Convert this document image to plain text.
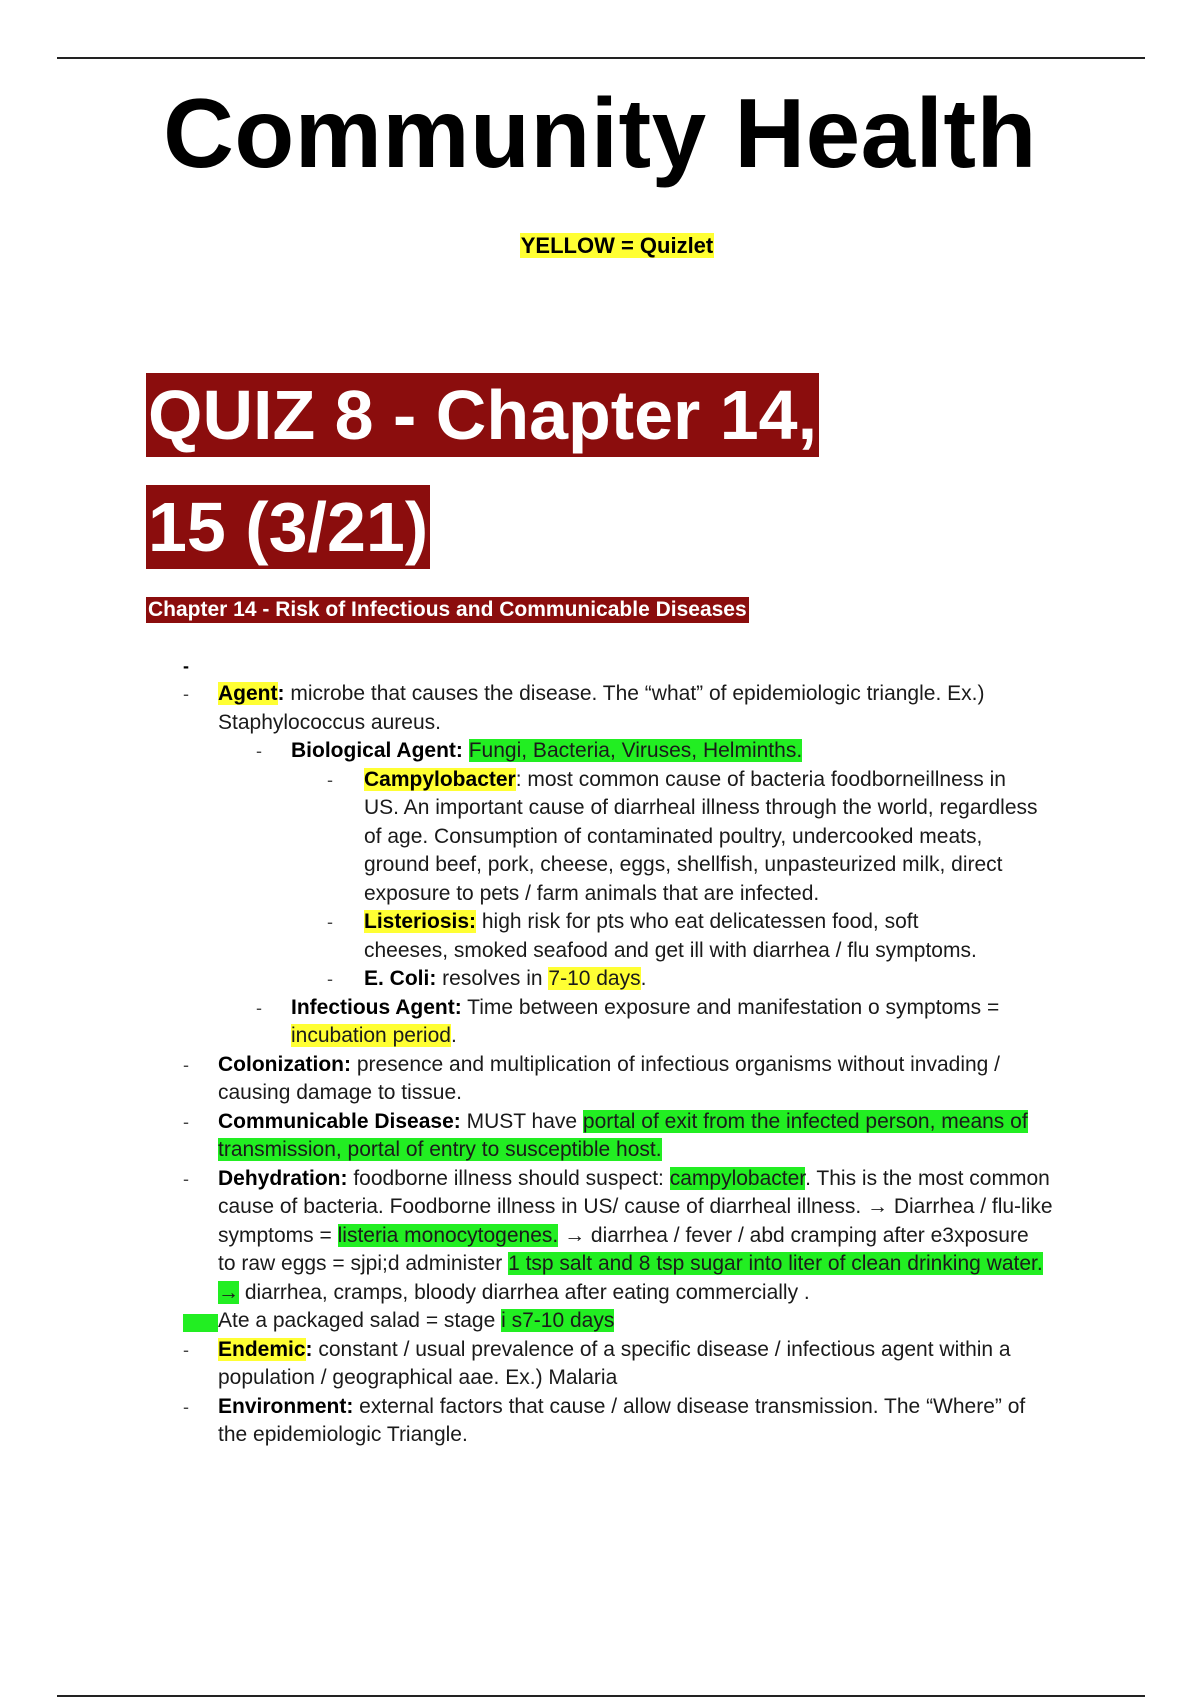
Community Health
YELLOW = Quizlet
QUIZ 8 - Chapter 14,
15 (3/21)
Chapter 14 - Risk of Infectious and Communicable Diseases
-
- Agent: microbe that causes the disease. The “what” of epidemiologic triangle. Ex.)
Staphylococcus aureus.
- Biological Agent: Fungi, Bacteria, Viruses, Helminths.
- Campylobacter: most common cause of bacteria foodborneillness in
US. An important cause of diarrheal illness through the world, regardless
of age. Consumption of contaminated poultry, undercooked meats,
ground beef, pork, cheese, eggs, shellfish, unpasteurized milk, direct
exposure to pets / farm animals that are infected.
- Listeriosis: high risk for pts who eat delicatessen food, soft
cheeses, smoked seafood and get ill with diarrhea / flu symptoms.
- E. Coli: resolves in 7-10 days.
- Infectious Agent: Time between exposure and manifestation o symptoms =
incubation period.
- Colonization: presence and multiplication of infectious organisms without invading /
causing damage to tissue.
- Communicable Disease: MUST have portal of exit from the infected person, means of
transmission, portal of entry to susceptible host.
- Dehydration: foodborne illness should suspect: campylobacter. This is the most common
cause of bacteria. Foodborne illness in US/ cause of diarrheal illness. → Diarrhea / flu-like
symptoms = listeria monocytogenes. → diarrhea / fever / abd cramping after e3xposure
to raw eggs = sjpi;d administer 1 tsp salt and 8 tsp sugar into liter of clean drinking water.
→ diarrhea, cramps, bloody diarrhea after eating commercially .
Ate a packaged salad = stage i s7-10 days
- Endemic: constant / usual prevalence of a specific disease / infectious agent within a
population / geographical aae. Ex.) Malaria
- Environment: external factors that cause / allow disease transmission. The “Where” of
the epidemiologic Triangle.
